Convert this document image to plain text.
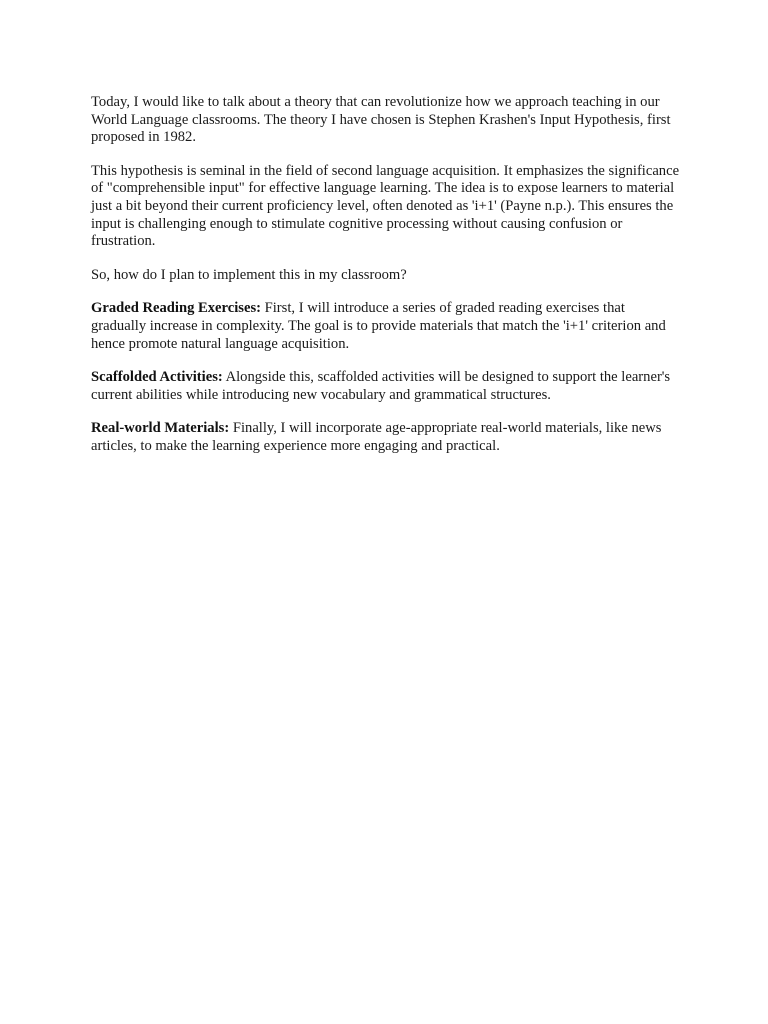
Today, I would like to talk about a theory that can revolutionize how we approach teaching in our World Language classrooms. The theory I have chosen is Stephen Krashen's Input Hypothesis, first proposed in 1982.

This hypothesis is seminal in the field of second language acquisition. It emphasizes the significance of "comprehensible input" for effective language learning. The idea is to expose learners to material just a bit beyond their current proficiency level, often denoted as 'i+1' (Payne n.p.). This ensures the input is challenging enough to stimulate cognitive processing without causing confusion or frustration.

So, how do I plan to implement this in my classroom?

Graded Reading Exercises: First, I will introduce a series of graded reading exercises that gradually increase in complexity. The goal is to provide materials that match the 'i+1' criterion and hence promote natural language acquisition.

Scaffolded Activities: Alongside this, scaffolded activities will be designed to support the learner's current abilities while introducing new vocabulary and grammatical structures.

Real-world Materials: Finally, I will incorporate age-appropriate real-world materials, like news articles, to make the learning experience more engaging and practical.
